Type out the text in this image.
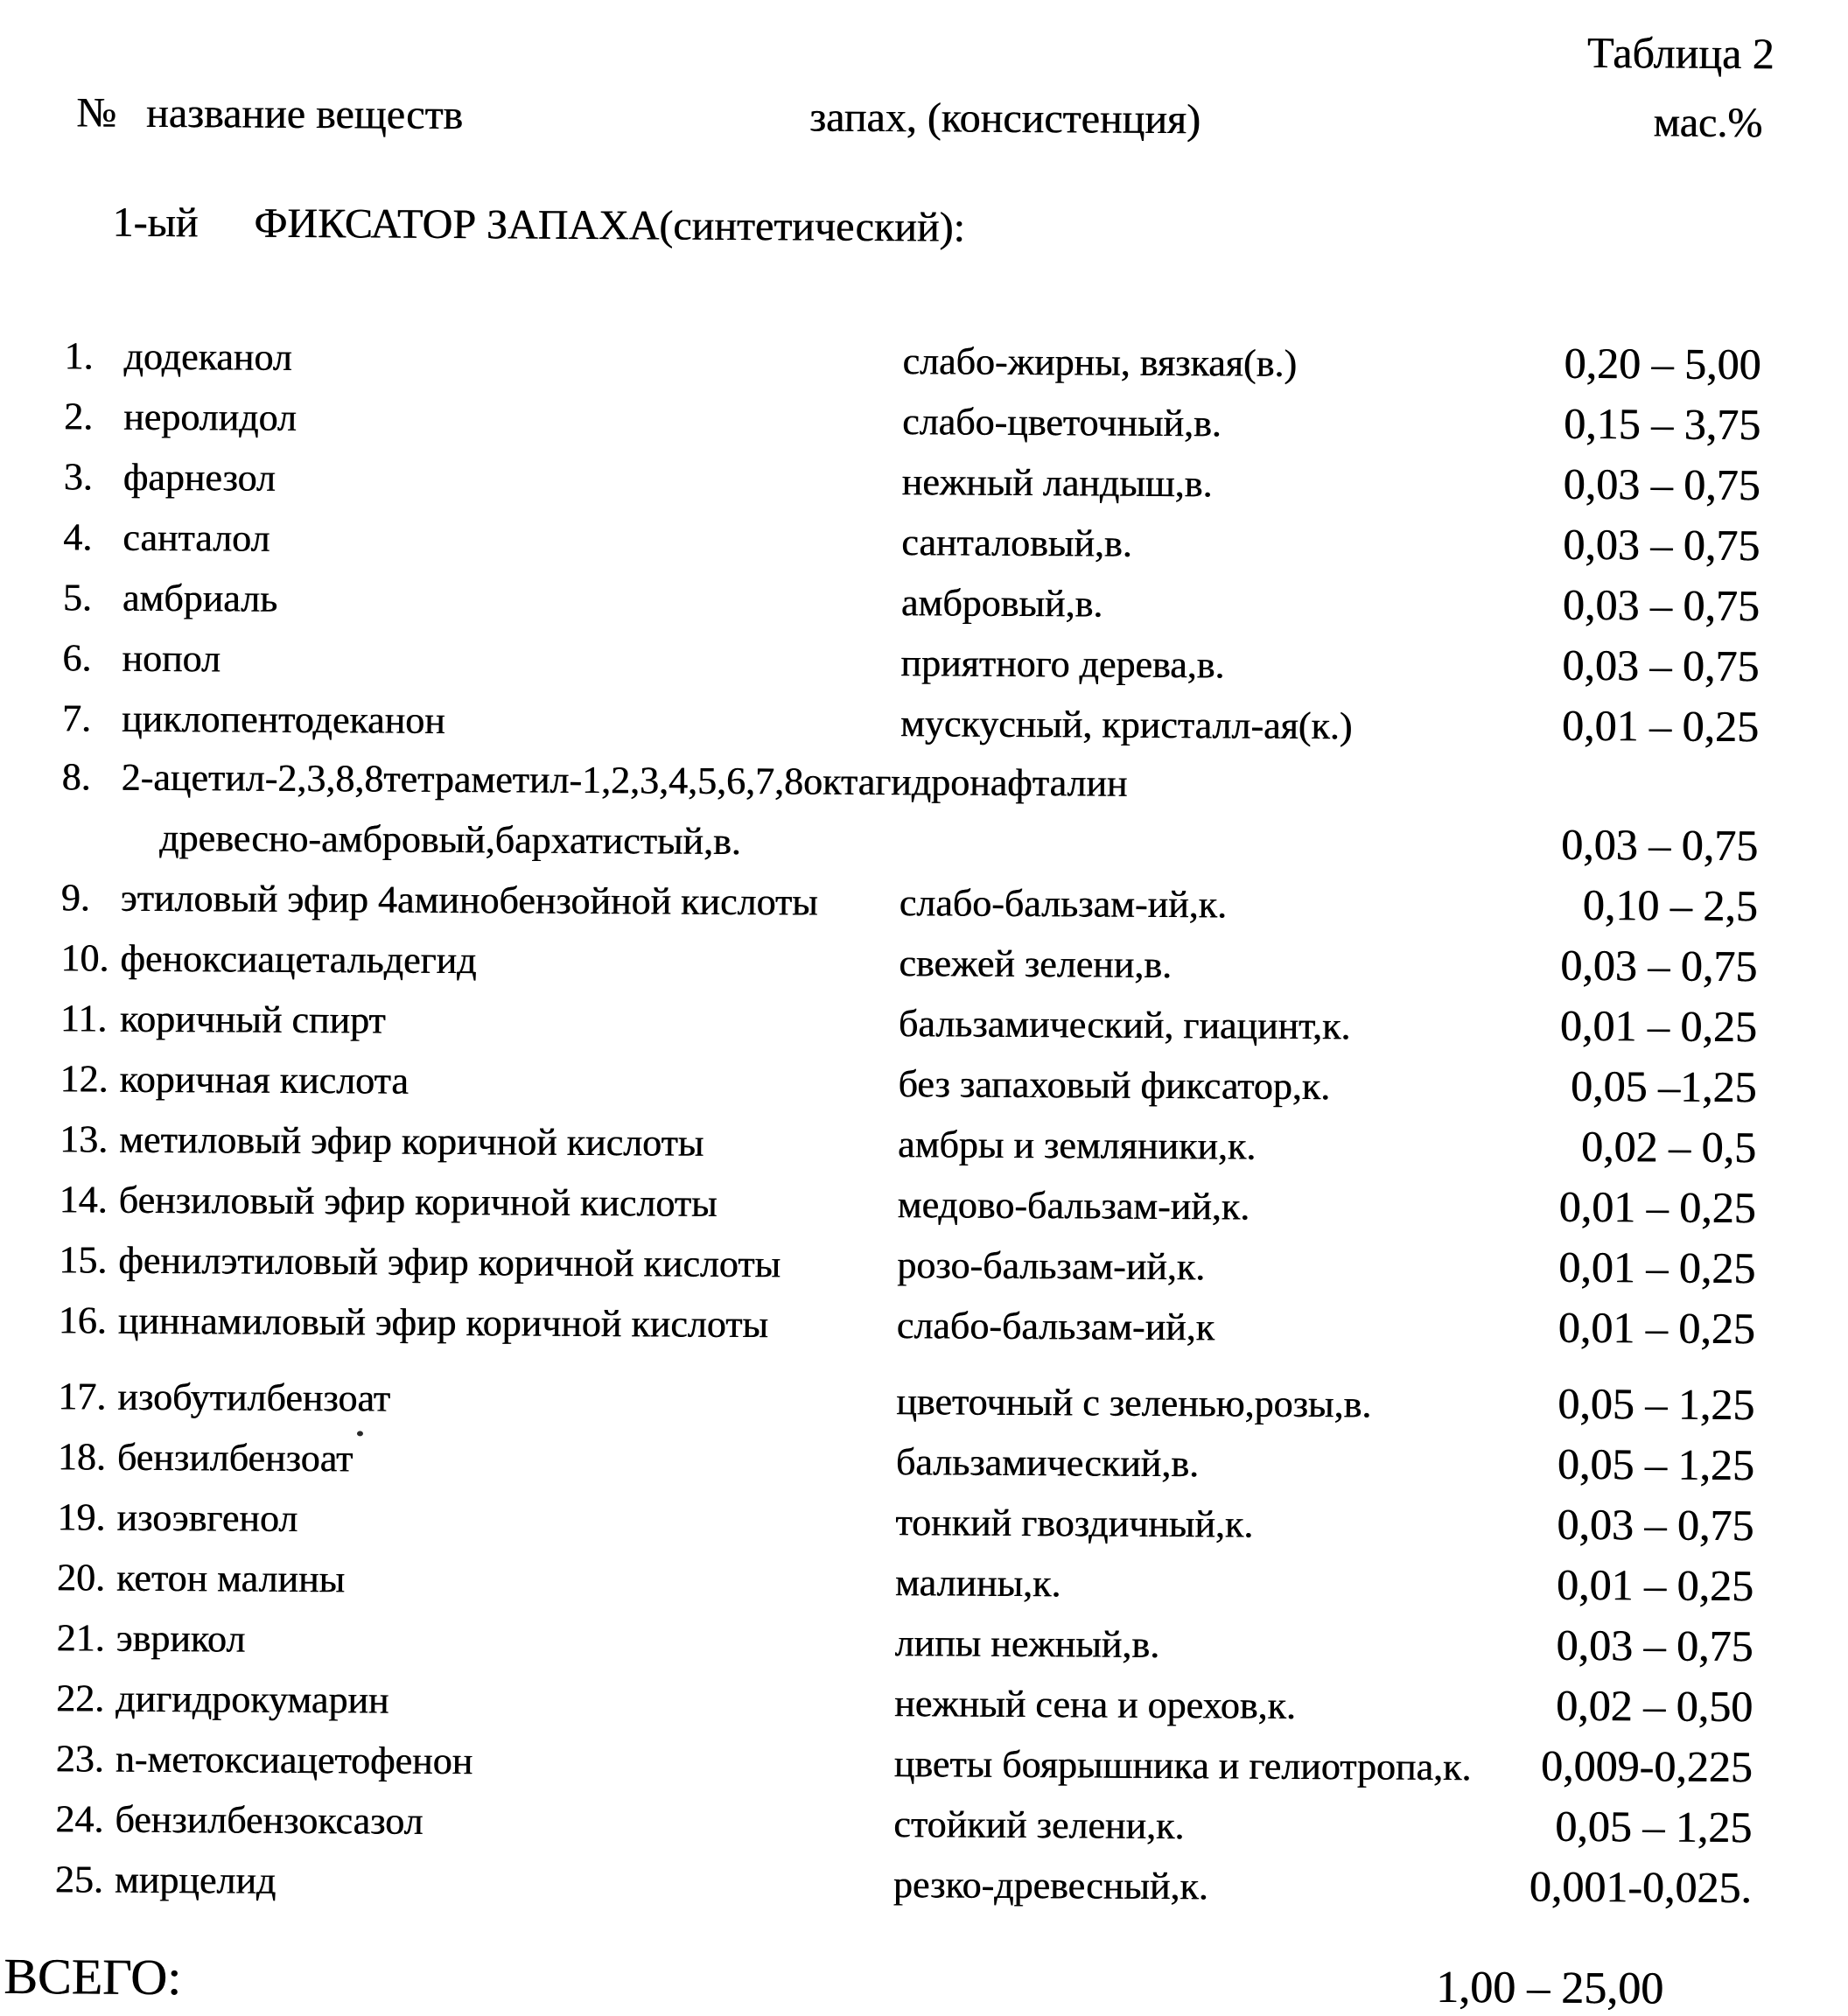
Таблица 2
№ название веществ	запах, (консистенция)	мас.%
1-ый ФИКСАТОР ЗАПАХА(синтетический):
1. додеканол	слабо-жирны, вязкая(в.)	0,20 – 5,00
2. неролидол	слабо-цветочный,в.	0,15 – 3,75
3. фарнезол	нежный ландыш,в.	0,03 – 0,75
4. санталол	санталовый,в.	0,03 – 0,75
5. амбриаль	амбровый,в.	0,03 – 0,75
6. нопол	приятного дерева,в.	0,03 – 0,75
7. циклопентодеканон	мускусный, кристалл-ая(к.)	0,01 – 0,25
8. 2-ацетил-2,3,8,8тетраметил-1,2,3,4,5,6,7,8октагидронафталин
древесно-амбровый,бархатистый,в.	0,03 – 0,75
9. этиловый эфир 4аминобензойной кислоты	слабо-бальзам-ий,к.	0,10 – 2,5
10. феноксиацетальдегид	свежей зелени,в.	0,03 – 0,75
11. коричный спирт	бальзамический, гиацинт,к.	0,01 – 0,25
12. коричная кислота	без запаховый фиксатор,к.	0,05 –1,25
13. метиловый эфир коричной кислоты	амбры и земляники,к.	0,02 – 0,5
14. бензиловый эфир коричной кислоты	медово-бальзам-ий,к.	0,01 – 0,25
15. фенилэтиловый эфир коричной кислоты	розо-бальзам-ий,к.	0,01 – 0,25
16. циннамиловый эфир коричной кислоты	слабо-бальзам-ий,к	0,01 – 0,25
17. изобутилбензоат	цветочный с зеленью,розы,в.	0,05 – 1,25
18. бензилбензоат	бальзамический,в.	0,05 – 1,25
19. изоэвгенол	тонкий гвоздичный,к.	0,03 – 0,75
20. кетон малины	малины,к.	0,01 – 0,25
21. эврикол	липы нежный,в.	0,03 – 0,75
22. дигидрокумарин	нежный сена и орехов,к.	0,02 – 0,50
23. n-метоксиацетофенон	цветы боярышника и гелиотропа,к.	0,009-0,225
24. бензилбензоксазол	стойкий зелени,к.	0,05 – 1,25
25. мирцелид	резко-древесный,к.	0,001-0,025.
ВСЕГО:	1,00 – 25,00
